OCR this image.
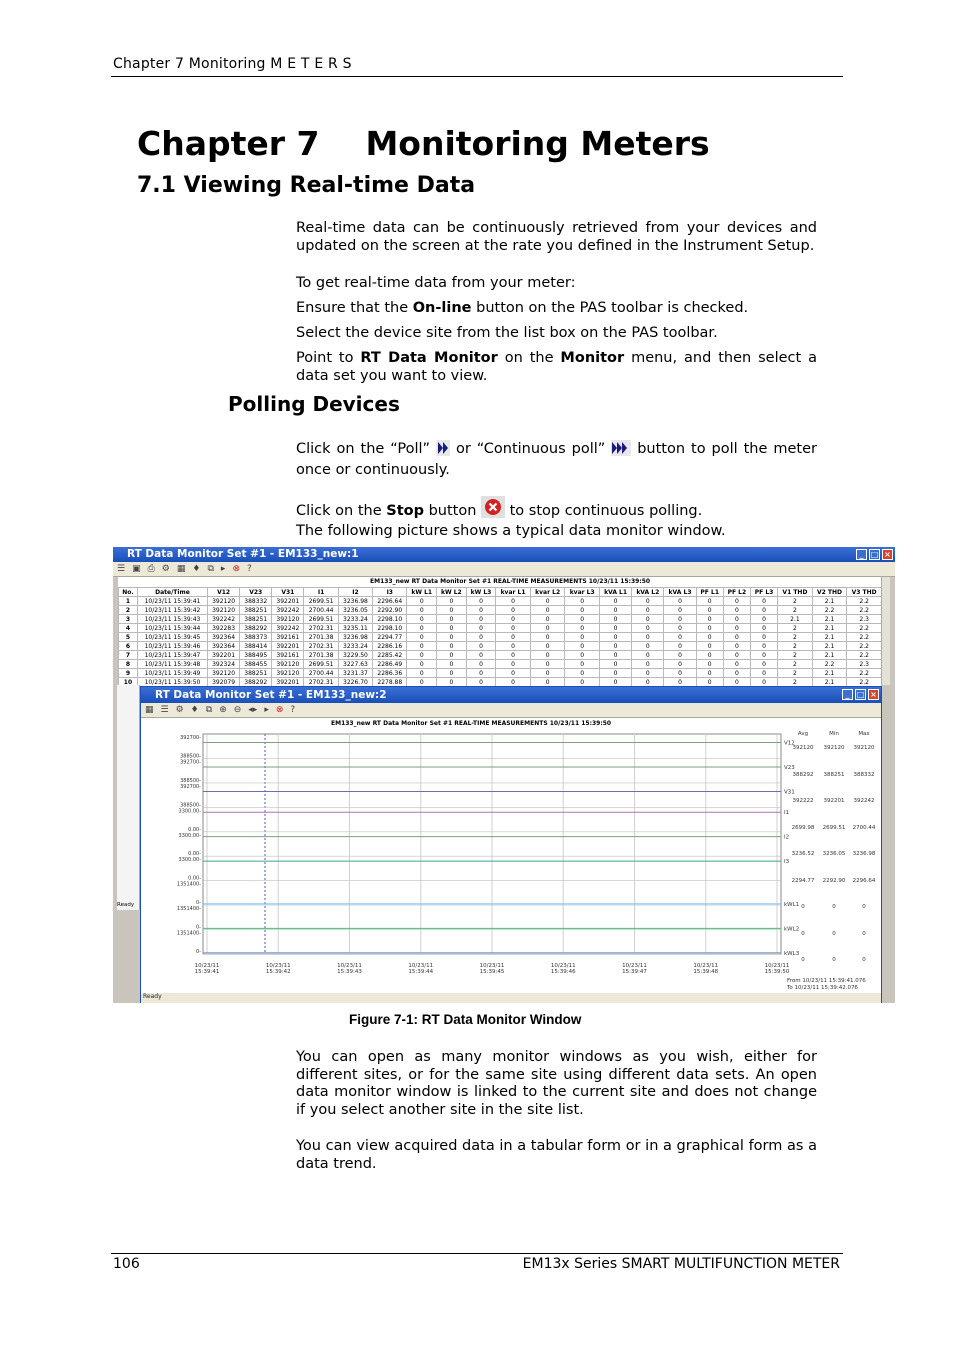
Chapter 7 Monitoring M E T E R S
Chapter 7    Monitoring Meters
7.1 Viewing Real-time Data
Real-time data can be continuously retrieved from your devices and updated on the screen at the rate you defined in the Instrument Setup.
To get real-time data from your meter:
Ensure that the On-line button on the PAS toolbar is checked.
Select the device site from the list box on the PAS toolbar.
Point to RT Data Monitor on the Monitor menu, and then select a data set you want to view.
Polling Devices
Click on the “Poll”  or “Continuous poll”  button to poll the meter once or continuously.
Click on the Stop button  to stop continuous polling.
The following picture shows a typical data monitor window.
RT Data Monitor Set #1 - EM133_new:1	_ □ ×
☰ ▣ ⎙ ⚙ ▦ ♦ ⧉ ▸ ⊗ ?
EM133_new RT Data Monitor Set #1 REAL-TIME MEASUREMENTS 10/23/11 15:39:50
No.	Date/Time	V12	V23	V31	I1	I2	I3	kW L1	kW L2	kW L3	kvar L1	kvar L2	kvar L3	kVA L1	kVA L2	kVA L3	PF L1	PF L2	PF L3	V1 THD	V2 THD	V3 THD
1	10/23/11 15:39:41	392120	388332	392201	2699.51	3236.98	2296.64	0	0	0	0	0	0	0	0	0	0	0	0	2	2.1	2.2
2	10/23/11 15:39:42	392120	388251	392242	2700.44	3236.05	2292.90	0	0	0	0	0	0	0	0	0	0	0	0	2	2.2	2.2
3	10/23/11 15:39:43	392242	388251	392120	2699.51	3233.24	2298.10	0	0	0	0	0	0	0	0	0	0	0	0	2.1	2.1	2.3
4	10/23/11 15:39:44	392283	388292	392242	2702.31	3235.11	2298.10	0	0	0	0	0	0	0	0	0	0	0	0	2	2.1	2.2
5	10/23/11 15:39:45	392364	388373	392161	2701.38	3236.98	2294.77	0	0	0	0	0	0	0	0	0	0	0	0	2	2.1	2.2
6	10/23/11 15:39:46	392364	388414	392201	2702.31	3233.24	2286.16	0	0	0	0	0	0	0	0	0	0	0	0	2	2.1	2.2
7	10/23/11 15:39:47	392201	388495	392161	2701.38	3229.50	2285.42	0	0	0	0	0	0	0	0	0	0	0	0	2	2.1	2.2
8	10/23/11 15:39:48	392324	388455	392120	2699.51	3227.63	2286.49	0	0	0	0	0	0	0	0	0	0	0	0	2	2.2	2.3
9	10/23/11 15:39:49	392120	388251	392120	2700.44	3231.37	2286.36	0	0	0	0	0	0	0	0	0	0	0	0	2	2.1	2.2
10	10/23/11 15:39:50	392079	388292	392201	2702.31	3226.70	2278.88	0	0	0	0	0	0	0	0	0	0	0	0	2	2.1	2.2
Ready
RT Data Monitor Set #1 - EM133_new:2	_ □ ×
▦ ☰ ⚙ ♦ ⧉ ⊕ ⊖ ◂▸ ▸ ⊗ ?
EM133_new RT Data Monitor Set #1 REAL-TIME MEASUREMENTS 10/23/11 15:39:50
10/23/11
15:39:41
10/23/11
15:39:42
10/23/11
15:39:43
10/23/11
15:39:44
10/23/11
15:39:45
10/23/11
15:39:46
10/23/11
15:39:47
10/23/11
15:39:48
10/23/11
15:39:50
392700-
388500-
V12
392700-
388500-
V23
392700-
388500-
V31
3300.00-
0.00-
I1
3300.00-
0.00-
I2
3300.00-
0.00-
I3
1351400-
0-	kWL1
1351400-
0-	kWL2
1351400-
0-	kWL3
Avg	Min	Max
392120	392120	392120
388292	388251	388332
392222	392201	392242
2699.98	2699.51	2700.44
3236.52	3236.05	3236.98
2294.77	2292.90	2296.64
0	0	0
0	0	0
0	0	0
From 10/23/11 15:39:41.076
To 10/23/11 15:39:42.076
Ready
Figure 7-1: RT Data Monitor Window
You can open as many monitor windows as you wish, either for different sites, or for the same site using different data sets. An open data monitor window is linked to the current site and does not change if you select another site in the site list.
You can view acquired data in a tabular form or in a graphical form as a data trend.
106	EM13x Series SMART MULTIFUNCTION METER
